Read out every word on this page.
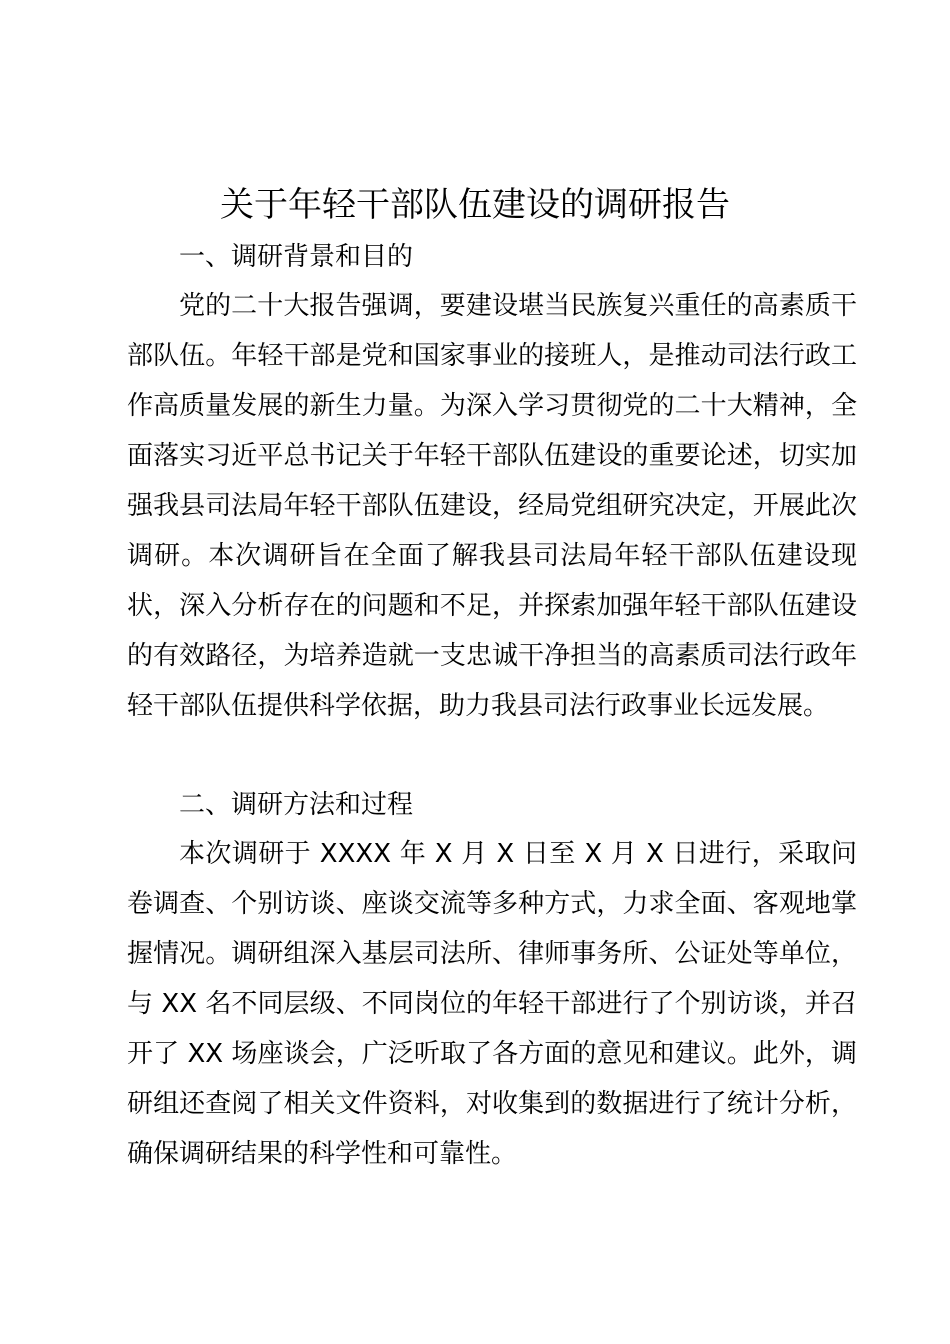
关于年轻干部队伍建设的调研报告
一、调研背景和目的
党的二十大报告强调，要建设堪当民族复兴重任的高素质干部队伍。年轻干部是党和国家事业的接班人，是推动司法行政工作高质量发展的新生力量。为深入学习贯彻党的二十大精神，全面落实习近平总书记关于年轻干部队伍建设的重要论述，切实加强我县司法局年轻干部队伍建设，经局党组研究决定，开展此次调研。本次调研旨在全面了解我县司法局年轻干部队伍建设现状，深入分析存在的问题和不足，并探索加强年轻干部队伍建设的有效路径，为培养造就一支忠诚干净担当的高素质司法行政年轻干部队伍提供科学依据，助力我县司法行政事业长远发展。
二、调研方法和过程
本次调研于 XXXX 年 X 月 X 日至 X 月 X 日进行，采取问卷调查、个别访谈、座谈交流等多种方式，力求全面、客观地掌握情况。调研组深入基层司法所、律师事务所、公证处等单位，与 XX 名不同层级、不同岗位的年轻干部进行了个别访谈，并召开了 XX 场座谈会，广泛听取了各方面的意见和建议。此外，调研组还查阅了相关文件资料，对收集到的数据进行了统计分析，确保调研结果的科学性和可靠性。
